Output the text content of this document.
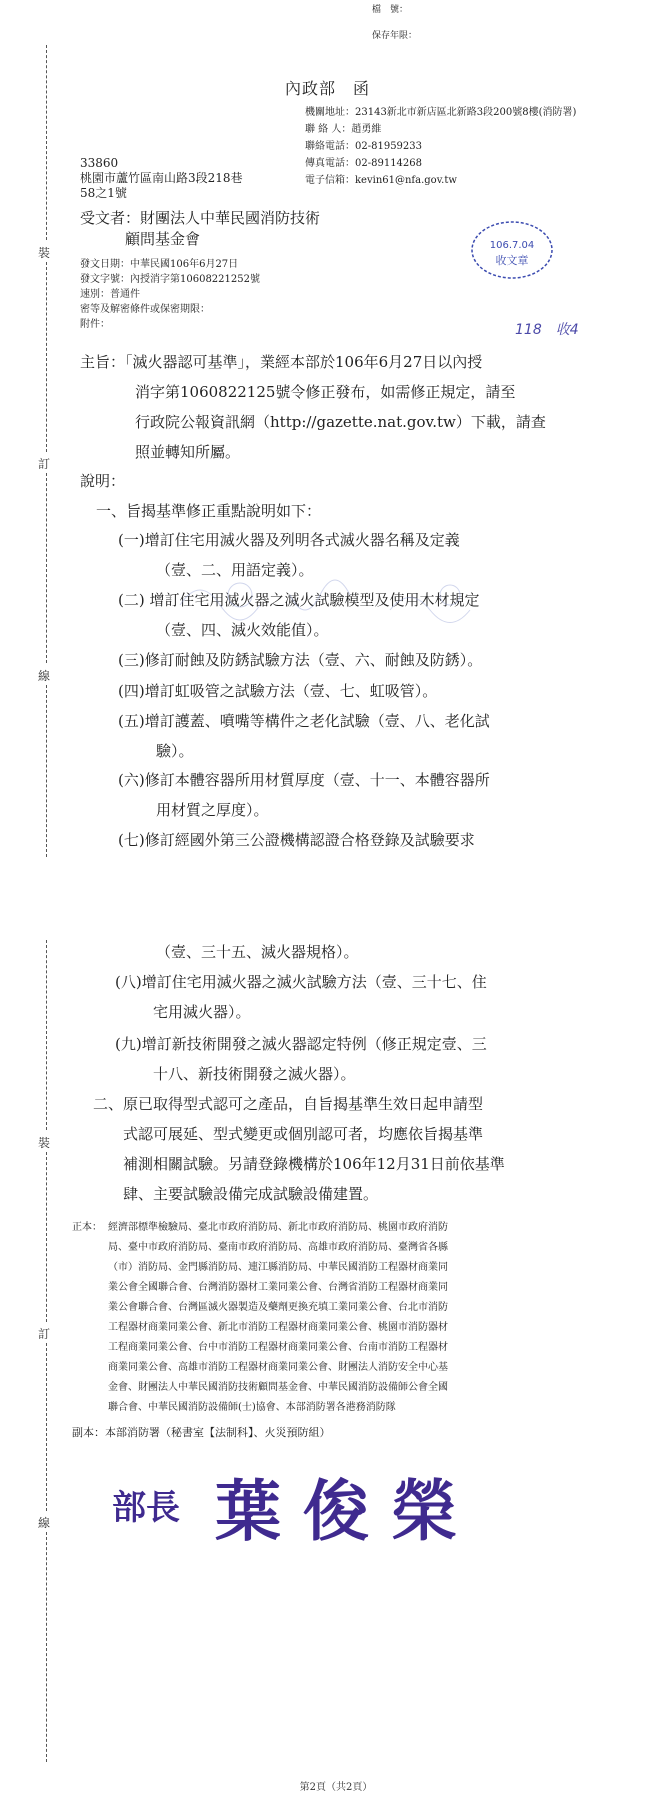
檔　號：
保存年限：
內政部　函
機關地址：23143新北市新店區北新路3段200號8樓(消防署)
聯 絡 人：趙勇維
聯絡電話：02-81959233
傳真電話：02-89114268
電子信箱：kevin61@nfa.gov.tw
33860
桃園市蘆竹區南山路3段218巷
58之1號
受文者：財團法人中華民國消防技術
顧問基金會	106.7.04
收文章
118　收4
發文日期：中華民國106年6月27日
發文字號：內授消字第10608221252號
速別：普通件
密等及解密條件或保密期限：
附件：
主旨：「滅火器認可基準」，業經本部於106年6月27日以內授
消字第1060822125號令修正發布，如需修正規定，請至
行政院公報資訊網（http://gazette.nat.gov.tw）下載，請查
照並轉知所屬。
說明：
一、旨揭基準修正重點說明如下：
(一)增訂住宅用滅火器及列明各式滅火器名稱及定義
（壹、二、用語定義）。
(二) 增訂住宅用滅火器之滅火試驗模型及使用木材規定
（壹、四、滅火效能值）。
(三)修訂耐蝕及防銹試驗方法（壹、六、耐蝕及防銹）。
(四)增訂虹吸管之試驗方法（壹、七、虹吸管）。
(五)增訂護蓋、噴嘴等構件之老化試驗（壹、八、老化試
驗）。
(六)修訂本體容器所用材質厚度（壹、十一、本體容器所
用材質之厚度）。
(七)修訂經國外第三公證機構認證合格登錄及試驗要求
（壹、三十五、滅火器規格）。
(八)增訂住宅用滅火器之滅火試驗方法（壹、三十七、住
宅用滅火器）。
(九)增訂新技術開發之滅火器認定特例（修正規定壹、三
十八、新技術開發之滅火器）。
二、原已取得型式認可之產品，自旨揭基準生效日起申請型
式認可展延、型式變更或個別認可者，均應依旨揭基準
補測相關試驗。另請登錄機構於106年12月31日前依基準
肆、主要試驗設備完成試驗設備建置。
正本： 經濟部標準檢驗局、臺北市政府消防局、新北市政府消防局、桃園市政府消防
局、臺中市政府消防局、臺南市政府消防局、高雄市政府消防局、臺灣省各縣
（市）消防局、金門縣消防局、連江縣消防局、中華民國消防工程器材商業同
業公會全國聯合會、台灣消防器材工業同業公會、台灣省消防工程器材商業同
業公會聯合會、台灣區滅火器製造及藥劑更換充填工業同業公會、台北市消防
工程器材商業同業公會、新北市消防工程器材商業同業公會、桃園市消防器材
工程商業同業公會、台中市消防工程器材商業同業公會、台南市消防工程器材
商業同業公會、高雄市消防工程器材商業同業公會、財團法人消防安全中心基
金會、財團法人中華民國消防技術顧問基金會、中華民國消防設備師公會全國
聯合會、中華民國消防設備師(士)協會、本部消防署各港務消防隊
副本：本部消防署（秘書室【法制科】、火災預防組）
部長 葉俊榮
裝
訂
線
裝
訂
線
第2頁（共2頁）
